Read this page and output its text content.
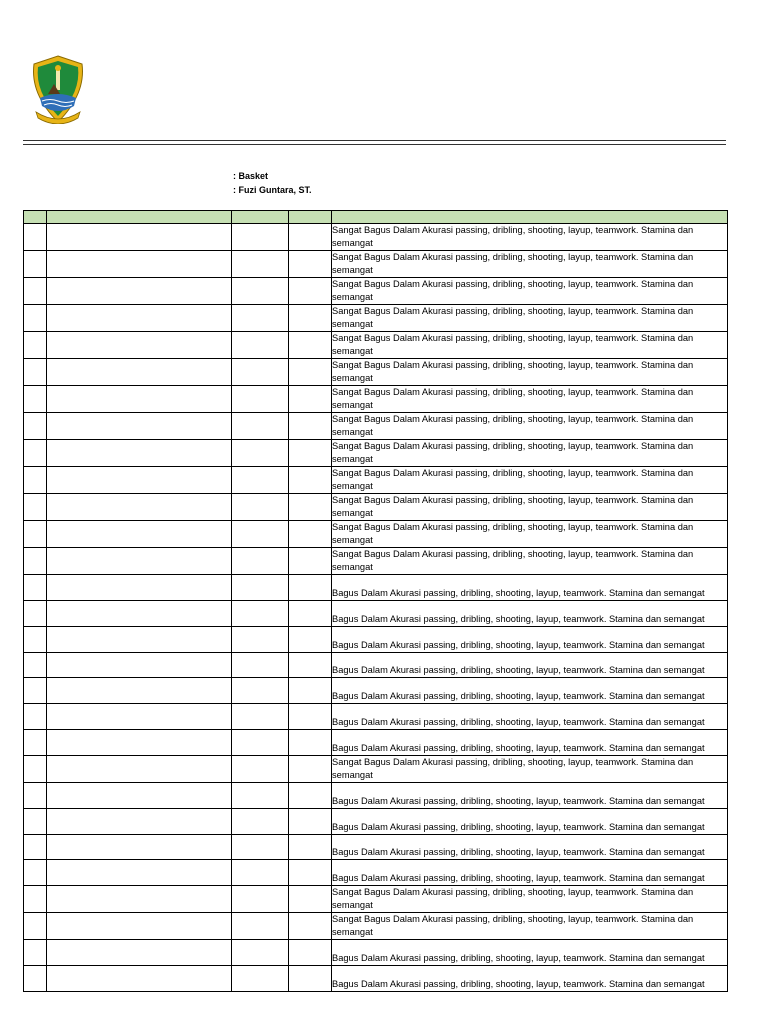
: Basket
: Fuzi Guntara, ST.

				Sangat Bagus Dalam Akurasi passing, dribling, shooting, layup, teamwork. Stamina dan semangat
				Sangat Bagus Dalam Akurasi passing, dribling, shooting, layup, teamwork. Stamina dan semangat
				Sangat Bagus Dalam Akurasi passing, dribling, shooting, layup, teamwork. Stamina dan semangat
				Sangat Bagus Dalam Akurasi passing, dribling, shooting, layup, teamwork. Stamina dan semangat
				Sangat Bagus Dalam Akurasi passing, dribling, shooting, layup, teamwork. Stamina dan semangat
				Sangat Bagus Dalam Akurasi passing, dribling, shooting, layup, teamwork. Stamina dan semangat
				Sangat Bagus Dalam Akurasi passing, dribling, shooting, layup, teamwork. Stamina dan semangat
				Sangat Bagus Dalam Akurasi passing, dribling, shooting, layup, teamwork. Stamina dan semangat
				Sangat Bagus Dalam Akurasi passing, dribling, shooting, layup, teamwork. Stamina dan semangat
				Sangat Bagus Dalam Akurasi passing, dribling, shooting, layup, teamwork. Stamina dan semangat
				Sangat Bagus Dalam Akurasi passing, dribling, shooting, layup, teamwork. Stamina dan semangat
				Sangat Bagus Dalam Akurasi passing, dribling, shooting, layup, teamwork. Stamina dan semangat
				Sangat Bagus Dalam Akurasi passing, dribling, shooting, layup, teamwork. Stamina dan semangat
				Bagus Dalam Akurasi passing, dribling, shooting, layup, teamwork. Stamina dan semangat
				Bagus Dalam Akurasi passing, dribling, shooting, layup, teamwork. Stamina dan semangat
				Bagus Dalam Akurasi passing, dribling, shooting, layup, teamwork. Stamina dan semangat
				Bagus Dalam Akurasi passing, dribling, shooting, layup, teamwork. Stamina dan semangat
				Bagus Dalam Akurasi passing, dribling, shooting, layup, teamwork. Stamina dan semangat
				Bagus Dalam Akurasi passing, dribling, shooting, layup, teamwork. Stamina dan semangat
				Bagus Dalam Akurasi passing, dribling, shooting, layup, teamwork. Stamina dan semangat
				Sangat Bagus Dalam Akurasi passing, dribling, shooting, layup, teamwork. Stamina dan semangat
				Bagus Dalam Akurasi passing, dribling, shooting, layup, teamwork. Stamina dan semangat
				Bagus Dalam Akurasi passing, dribling, shooting, layup, teamwork. Stamina dan semangat
				Bagus Dalam Akurasi passing, dribling, shooting, layup, teamwork. Stamina dan semangat
				Bagus Dalam Akurasi passing, dribling, shooting, layup, teamwork. Stamina dan semangat
				Sangat Bagus Dalam Akurasi passing, dribling, shooting, layup, teamwork. Stamina dan semangat
				Sangat Bagus Dalam Akurasi passing, dribling, shooting, layup, teamwork. Stamina dan semangat
				Bagus Dalam Akurasi passing, dribling, shooting, layup, teamwork. Stamina dan semangat
				Bagus Dalam Akurasi passing, dribling, shooting, layup, teamwork. Stamina dan semangat
